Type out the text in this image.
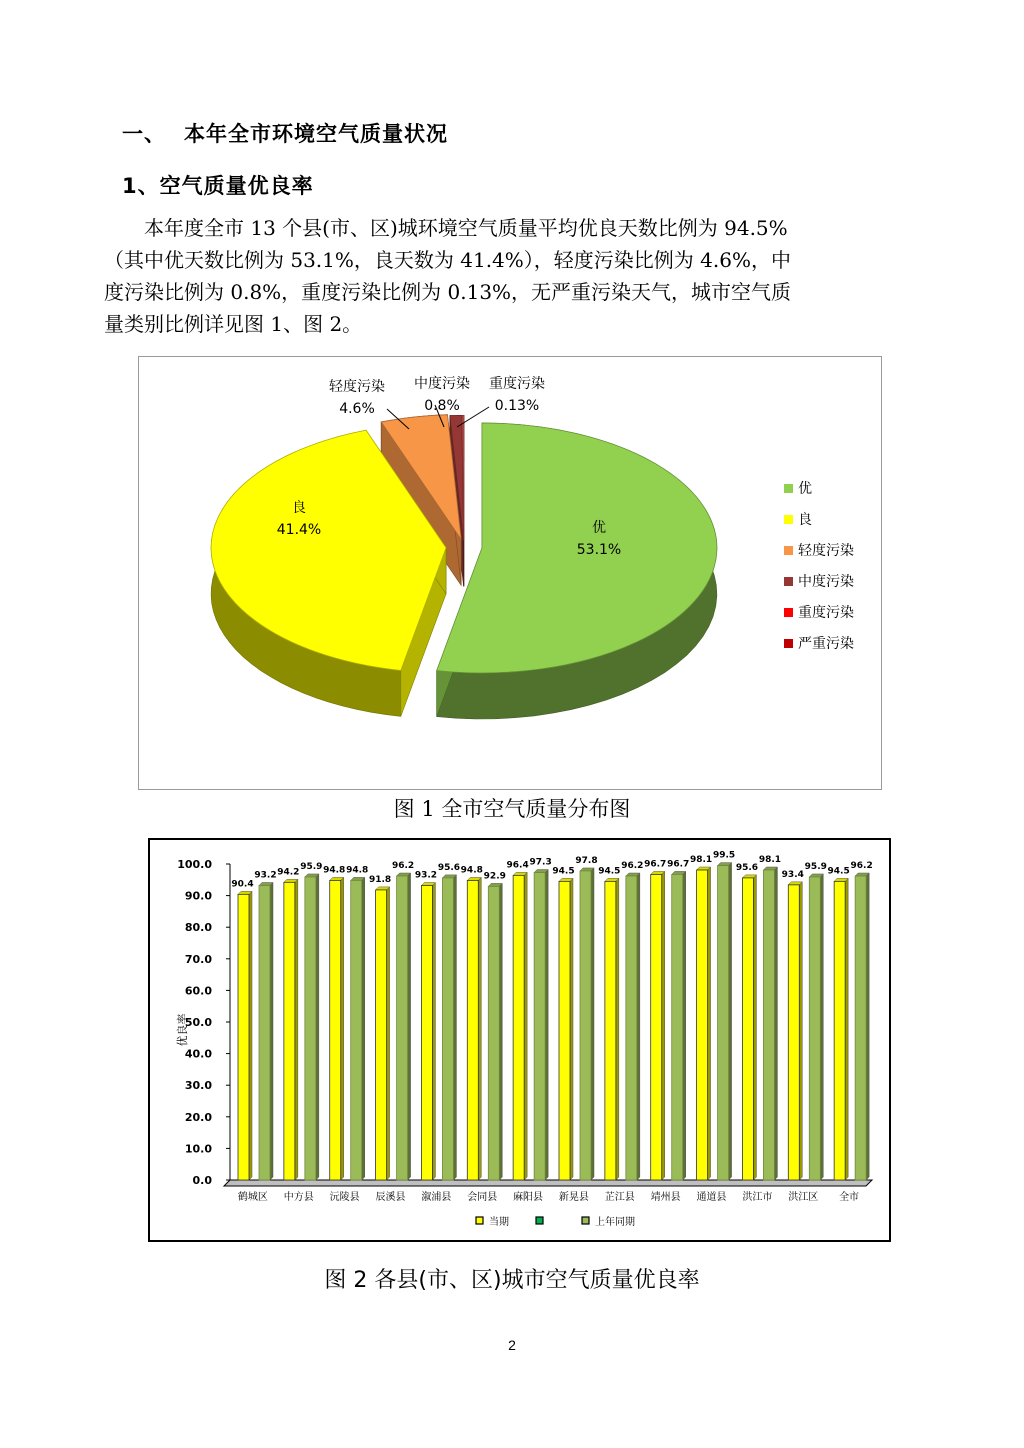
一、 本年全市环境空气质量状况
1、空气质量优良率
本年度全市 13 个县(市、区)城环境空气质量平均优良天数比例为 94.5%
（其中优天数比例为 53.1%，良天数为 41.4%），轻度污染比例为 4.6%，中
度污染比例为 0.8%，重度污染比例为 0.13%，无严重污染天气，城市空气质
量类别比例详见图 1、图 2。
优
53.1%
良
41.4%
轻度污染
4.6%
中度污染
0.8%
重度污染
0.13%
优
良
轻度污染
中度污染
重度污染
严重污染
图 1 全市空气质量分布图
0.0
10.0
20.0
30.0
40.0
50.0
60.0
70.0
80.0
90.0
100.0
优良率
90.4
93.2
鹤城区
94.2
95.9
中方县
94.8 94.8
沅陵县
91.8
96.2
辰溪县
93.2
95.6
溆浦县
94.8
92.9
会同县
96.4 97.3
麻阳县
94.5
97.8
新晃县
94.5
96.2
芷江县
96.7 96.7
靖州县
98.1 99.5
通道县
95.6
98.1
洪江市
93.4
95.9
洪江区
94.5
96.2
全市
当期	上年同期
图 2 各县(市、区)城市空气质量优良率
2
